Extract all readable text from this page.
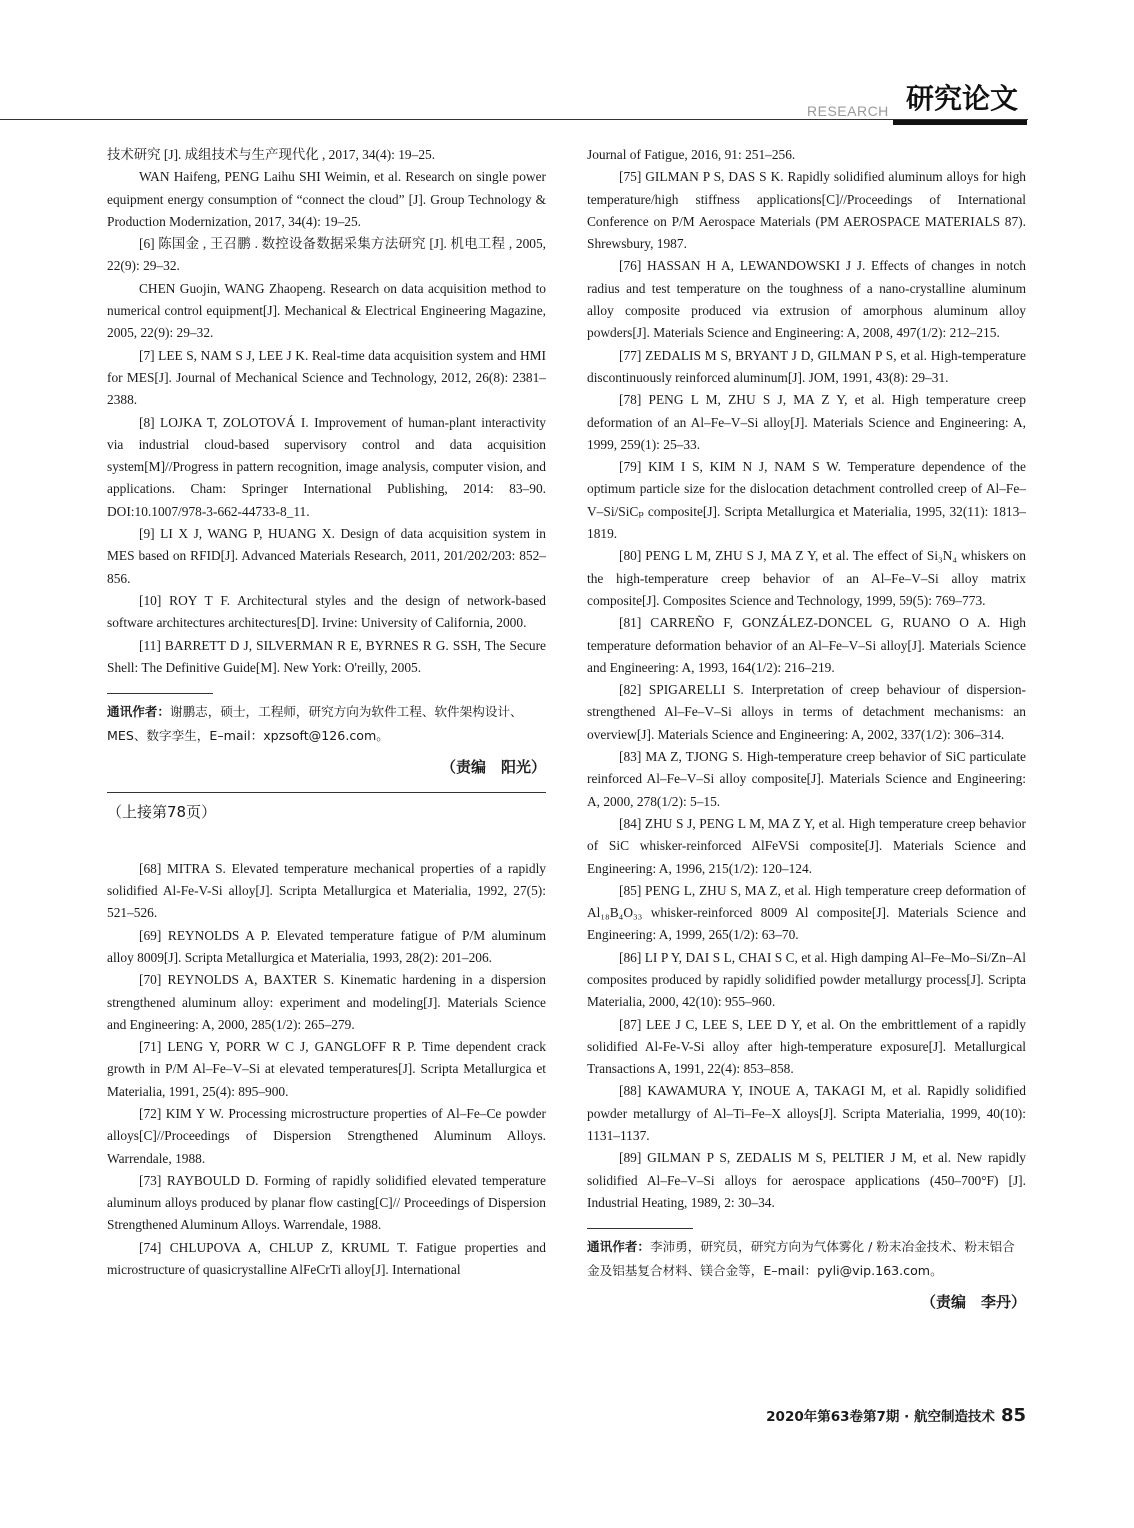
RESEARCH 研究论文

技术研究 [J]. 成组技术与生产现代化 , 2017, 34(4): 19–25.

WAN Haifeng, PENG Laihu SHI Weimin, et al. Research on single power equipment energy consumption of “connect the cloud” [J]. Group Technology & Production Modernization, 2017, 34(4): 19–25.

[6] 陈国金 , 王召鹏 . 数控设备数据采集方法研究 [J]. 机电工程 , 2005, 22(9): 29–32.

CHEN Guojin, WANG Zhaopeng. Research on data acquisition method to numerical control equipment[J]. Mechanical & Electrical Engineering Magazine, 2005, 22(9): 29–32.

[7] LEE S, NAM S J, LEE J K. Real-time data acquisition system and HMI for MES[J]. Journal of Mechanical Science and Technology, 2012, 26(8): 2381–2388.

[8] LOJKA T, ZOLOTOVÁ I. Improvement of human-plant interactivity via industrial cloud-based supervisory control and data acquisition system[M]//Progress in pattern recognition, image analysis, computer vision, and applications. Cham: Springer International Publishing, 2014: 83–90. DOI:10.1007/978-3-662-44733-8_11.

[9] LI X J, WANG P, HUANG X. Design of data acquisition system in MES based on RFID[J]. Advanced Materials Research, 2011, 201/202/203: 852–856.

[10] ROY T F. Architectural styles and the design of network-based software architectures architectures[D]. Irvine: University of California, 2000.

[11] BARRETT D J, SILVERMAN R E, BYRNES R G. SSH, The Secure Shell: The Definitive Guide[M]. New York: O'reilly, 2005.

通讯作者：谢鹏志，硕士，工程师，研究方向为软件工程、软件架构设计、MES、数字孪生，E–mail：xpzsoft@126.com。
（责编　阳光）
（上接第78页）

[68] MITRA S. Elevated temperature mechanical properties of a rapidly solidified Al-Fe-V-Si alloy[J]. Scripta Metallurgica et Materialia, 1992, 27(5): 521–526.

[69] REYNOLDS A P. Elevated temperature fatigue of P/M aluminum alloy 8009[J]. Scripta Metallurgica et Materialia, 1993, 28(2): 201–206.

[70] REYNOLDS A, BAXTER S. Kinematic hardening in a dispersion strengthened aluminum alloy: experiment and modeling[J]. Materials Science and Engineering: A, 2000, 285(1/2): 265–279.

[71] LENG Y, PORR W C J, GANGLOFF R P. Time dependent crack growth in P/M Al–Fe–V–Si at elevated temperatures[J]. Scripta Metallurgica et Materialia, 1991, 25(4): 895–900.

[72] KIM Y W. Processing microstructure properties of Al–Fe–Ce powder alloys[C]//Proceedings of Dispersion Strengthened Aluminum Alloys. Warrendale, 1988.

[73] RAYBOULD D. Forming of rapidly solidified elevated temperature aluminum alloys produced by planar flow casting[C]// Proceedings of Dispersion Strengthened Aluminum Alloys. Warrendale, 1988.

[74] CHLUPOVA A, CHLUP Z, KRUML T. Fatigue properties and microstructure of quasicrystalline AlFeCrTi alloy[J]. International

Journal of Fatigue, 2016, 91: 251–256.

[75] GILMAN P S, DAS S K. Rapidly solidified aluminum alloys for high temperature/high stiffness applications[C]//Proceedings of International Conference on P/M Aerospace Materials (PM AEROSPACE MATERIALS 87). Shrewsbury, 1987.

[76] HASSAN H A, LEWANDOWSKI J J. Effects of changes in notch radius and test temperature on the toughness of a nano-crystalline aluminum alloy composite produced via extrusion of amorphous aluminum alloy powders[J]. Materials Science and Engineering: A, 2008, 497(1/2): 212–215.

[77] ZEDALIS M S, BRYANT J D, GILMAN P S, et al. High-temperature discontinuously reinforced aluminum[J]. JOM, 1991, 43(8): 29–31.

[78] PENG L M, ZHU S J, MA Z Y, et al. High temperature creep deformation of an Al–Fe–V–Si alloy[J]. Materials Science and Engineering: A, 1999, 259(1): 25–33.

[79] KIM I S, KIM N J, NAM S W. Temperature dependence of the optimum particle size for the dislocation detachment controlled creep of Al–Fe–V–Si/SiCₚ composite[J]. Scripta Metallurgica et Materialia, 1995, 32(11): 1813–1819.

[80] PENG L M, ZHU S J, MA Z Y, et al. The effect of Si₃N₄ whiskers on the high-temperature creep behavior of an Al–Fe–V–Si alloy matrix composite[J]. Composites Science and Technology, 1999, 59(5): 769–773.

[81] CARREÑO F, GONZÁLEZ-DONCEL G, RUANO O A. High temperature deformation behavior of an Al–Fe–V–Si alloy[J]. Materials Science and Engineering: A, 1993, 164(1/2): 216–219.

[82] SPIGARELLI S. Interpretation of creep behaviour of dispersion-strengthened Al–Fe–V–Si alloys in terms of detachment mechanisms: an overview[J]. Materials Science and Engineering: A, 2002, 337(1/2): 306–314.

[83] MA Z, TJONG S. High-temperature creep behavior of SiC particulate reinforced Al–Fe–V–Si alloy composite[J]. Materials Science and Engineering: A, 2000, 278(1/2): 5–15.

[84] ZHU S J, PENG L M, MA Z Y, et al. High temperature creep behavior of SiC whisker-reinforced AlFeVSi composite[J]. Materials Science and Engineering: A, 1996, 215(1/2): 120–124.

[85] PENG L, ZHU S, MA Z, et al. High temperature creep deformation of Al₁₈B₄O₃₃ whisker-reinforced 8009 Al composite[J]. Materials Science and Engineering: A, 1999, 265(1/2): 63–70.

[86] LI P Y, DAI S L, CHAI S C, et al. High damping Al–Fe–Mo–Si/Zn–Al composites produced by rapidly solidified powder metallurgy process[J]. Scripta Materialia, 2000, 42(10): 955–960.

[87] LEE J C, LEE S, LEE D Y, et al. On the embrittlement of a rapidly solidified Al-Fe-V-Si alloy after high-temperature exposure[J]. Metallurgical Transactions A, 1991, 22(4): 853–858.

[88] KAWAMURA Y, INOUE A, TAKAGI M, et al. Rapidly solidified powder metallurgy of Al–Ti–Fe–X alloys[J]. Scripta Materialia, 1999, 40(10): 1131–1137.

[89] GILMAN P S, ZEDALIS M S, PELTIER J M, et al. New rapidly solidified Al–Fe–V–Si alloys for aerospace applications (450–700°F) [J]. Industrial Heating, 1989, 2: 30–34.

通讯作者：李沛勇，研究员，研究方向为气体雾化 / 粉末冶金技术、粉末铝合金及铝基复合材料、镁合金等，E–mail：pyli@vip.163.com。
（责编　李丹）
2020年第63卷第7期 · 航空制造技术 85
